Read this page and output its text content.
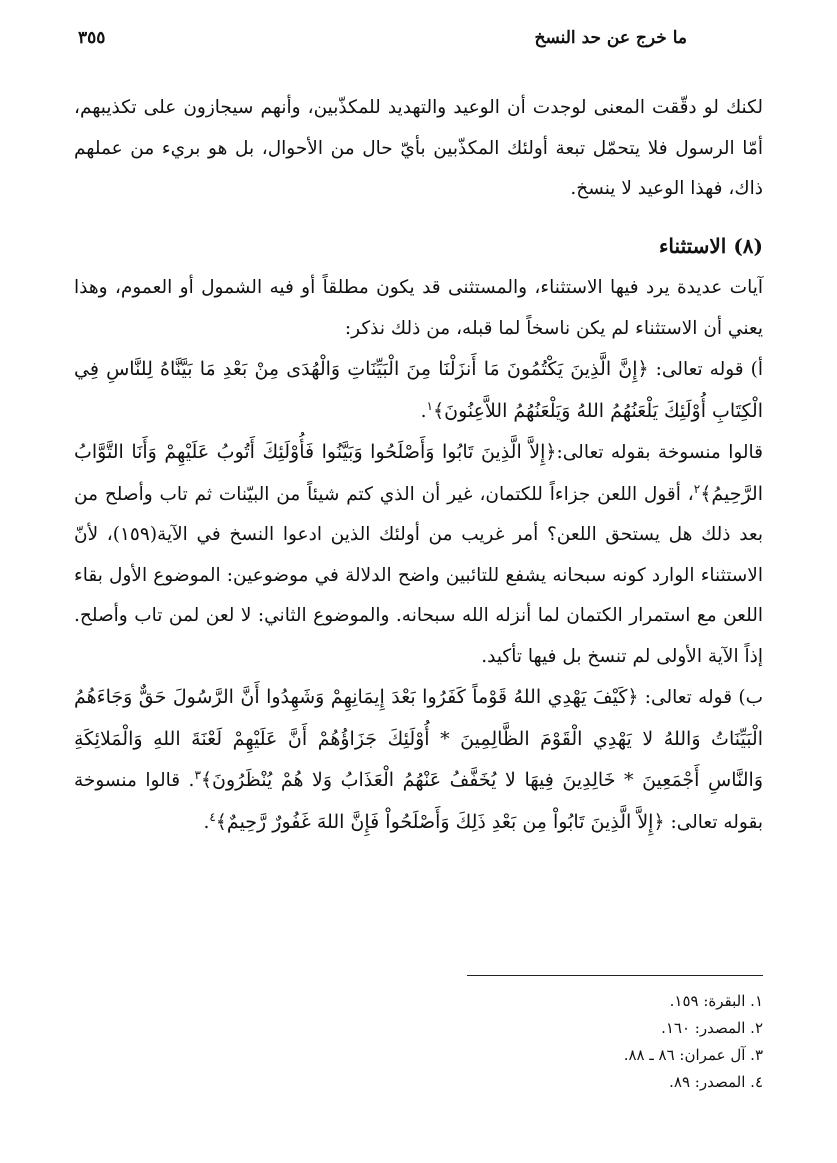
ما خرج عن حد النسخ
٣٥٥

لكنك لو دقّقت المعنى لوجدت أن الوعيد والتهديد للمكذّبين، وأنهم سيجازون على تكذيبهم، أمّا الرسول فلا يتحمّل تبعة أولئك المكذّبين بأيّ حال من الأحوال، بل هو بريء من عملهم ذاك، فهذا الوعيد لا ينسخ.

(٨) الاستثناء

آيات عديدة يرد فيها الاستثناء، والمستثنى قد يكون مطلقاً أو فيه الشمول أو العموم، وهذا يعني أن الاستثناء لم يكن ناسخاً لما قبله، من ذلك نذكر:

أ) قوله تعالى: ﴿إِنَّ الَّذِينَ يَكْتُمُونَ مَا أَنزَلْنَا مِنَ الْبَيِّنَاتِ وَالْهُدَى مِنْ بَعْدِ مَا بَيَّنَّاهُ لِلنَّاسِ فِي الْكِتَابِ أُوْلَئِكَ يَلْعَنُهُمُ اللهُ وَيَلْعَنُهُمُ اللاَّعِنُونَ﴾$^١$.

قالوا منسوخة بقوله تعالى:﴿إِلاَّ الَّذِينَ تَابُوا وَأَصْلَحُوا وَبَيَّنُوا فَأُوْلَئِكَ أَتُوبُ عَلَيْهِمْ وَأَنَا التَّوَّابُ الرَّحِيمُ﴾$^٢$، أقول اللعن جزاءاً للكتمان، غير أن الذي كتم شيئاً من البيّنات ثم تاب وأصلح من بعد ذلك هل يستحق اللعن؟ أمر غريب من أولئك الذين ادعوا النسخ في الآية(١٥٩)، لأنّ الاستثناء الوارد كونه سبحانه يشفع للتائبين واضح الدلالة في موضوعين: الموضوع الأول بقاء اللعن مع استمرار الكتمان لما أنزله الله سبحانه. والموضوع الثاني: لا لعن لمن تاب وأصلح. إذاً الآية الأولى لم تنسخ بل فيها تأكيد.

ب) قوله تعالى: ﴿كَيْفَ يَهْدِي اللهُ قَوْماً كَفَرُوا بَعْدَ إِيمَانِهِمْ وَشَهِدُوا أَنَّ الرَّسُولَ حَقٌّ وَجَاءَهُمُ الْبَيِّنَاتُ وَاللهُ لا يَهْدِي الْقَوْمَ الظَّالِمِينَ * أُوْلَئِكَ جَزَاؤُهُمْ أَنَّ عَلَيْهِمْ لَعْنَةَ اللهِ وَالْمَلائِكَةِ وَالنَّاسِ أَجْمَعِينَ * خَالِدِينَ فِيهَا لا يُخَفَّفُ عَنْهُمُ الْعَذَابُ وَلا هُمْ يُنْظَرُونَ﴾$^٣$. قالوا منسوخة بقوله تعالى: ﴿إِلاَّ الَّذِينَ تَابُواْ مِن بَعْدِ ذَلِكَ وَأَصْلَحُواْ فَإِنَّ اللهَ غَفُورٌ رَّحِيمٌ﴾$^٤$.

١. البقرة: ١٥٩.
٢. المصدر: ١٦٠.
٣. آل عمران: ٨٦ ـ ٨٨.
٤. المصدر: ٨٩.
